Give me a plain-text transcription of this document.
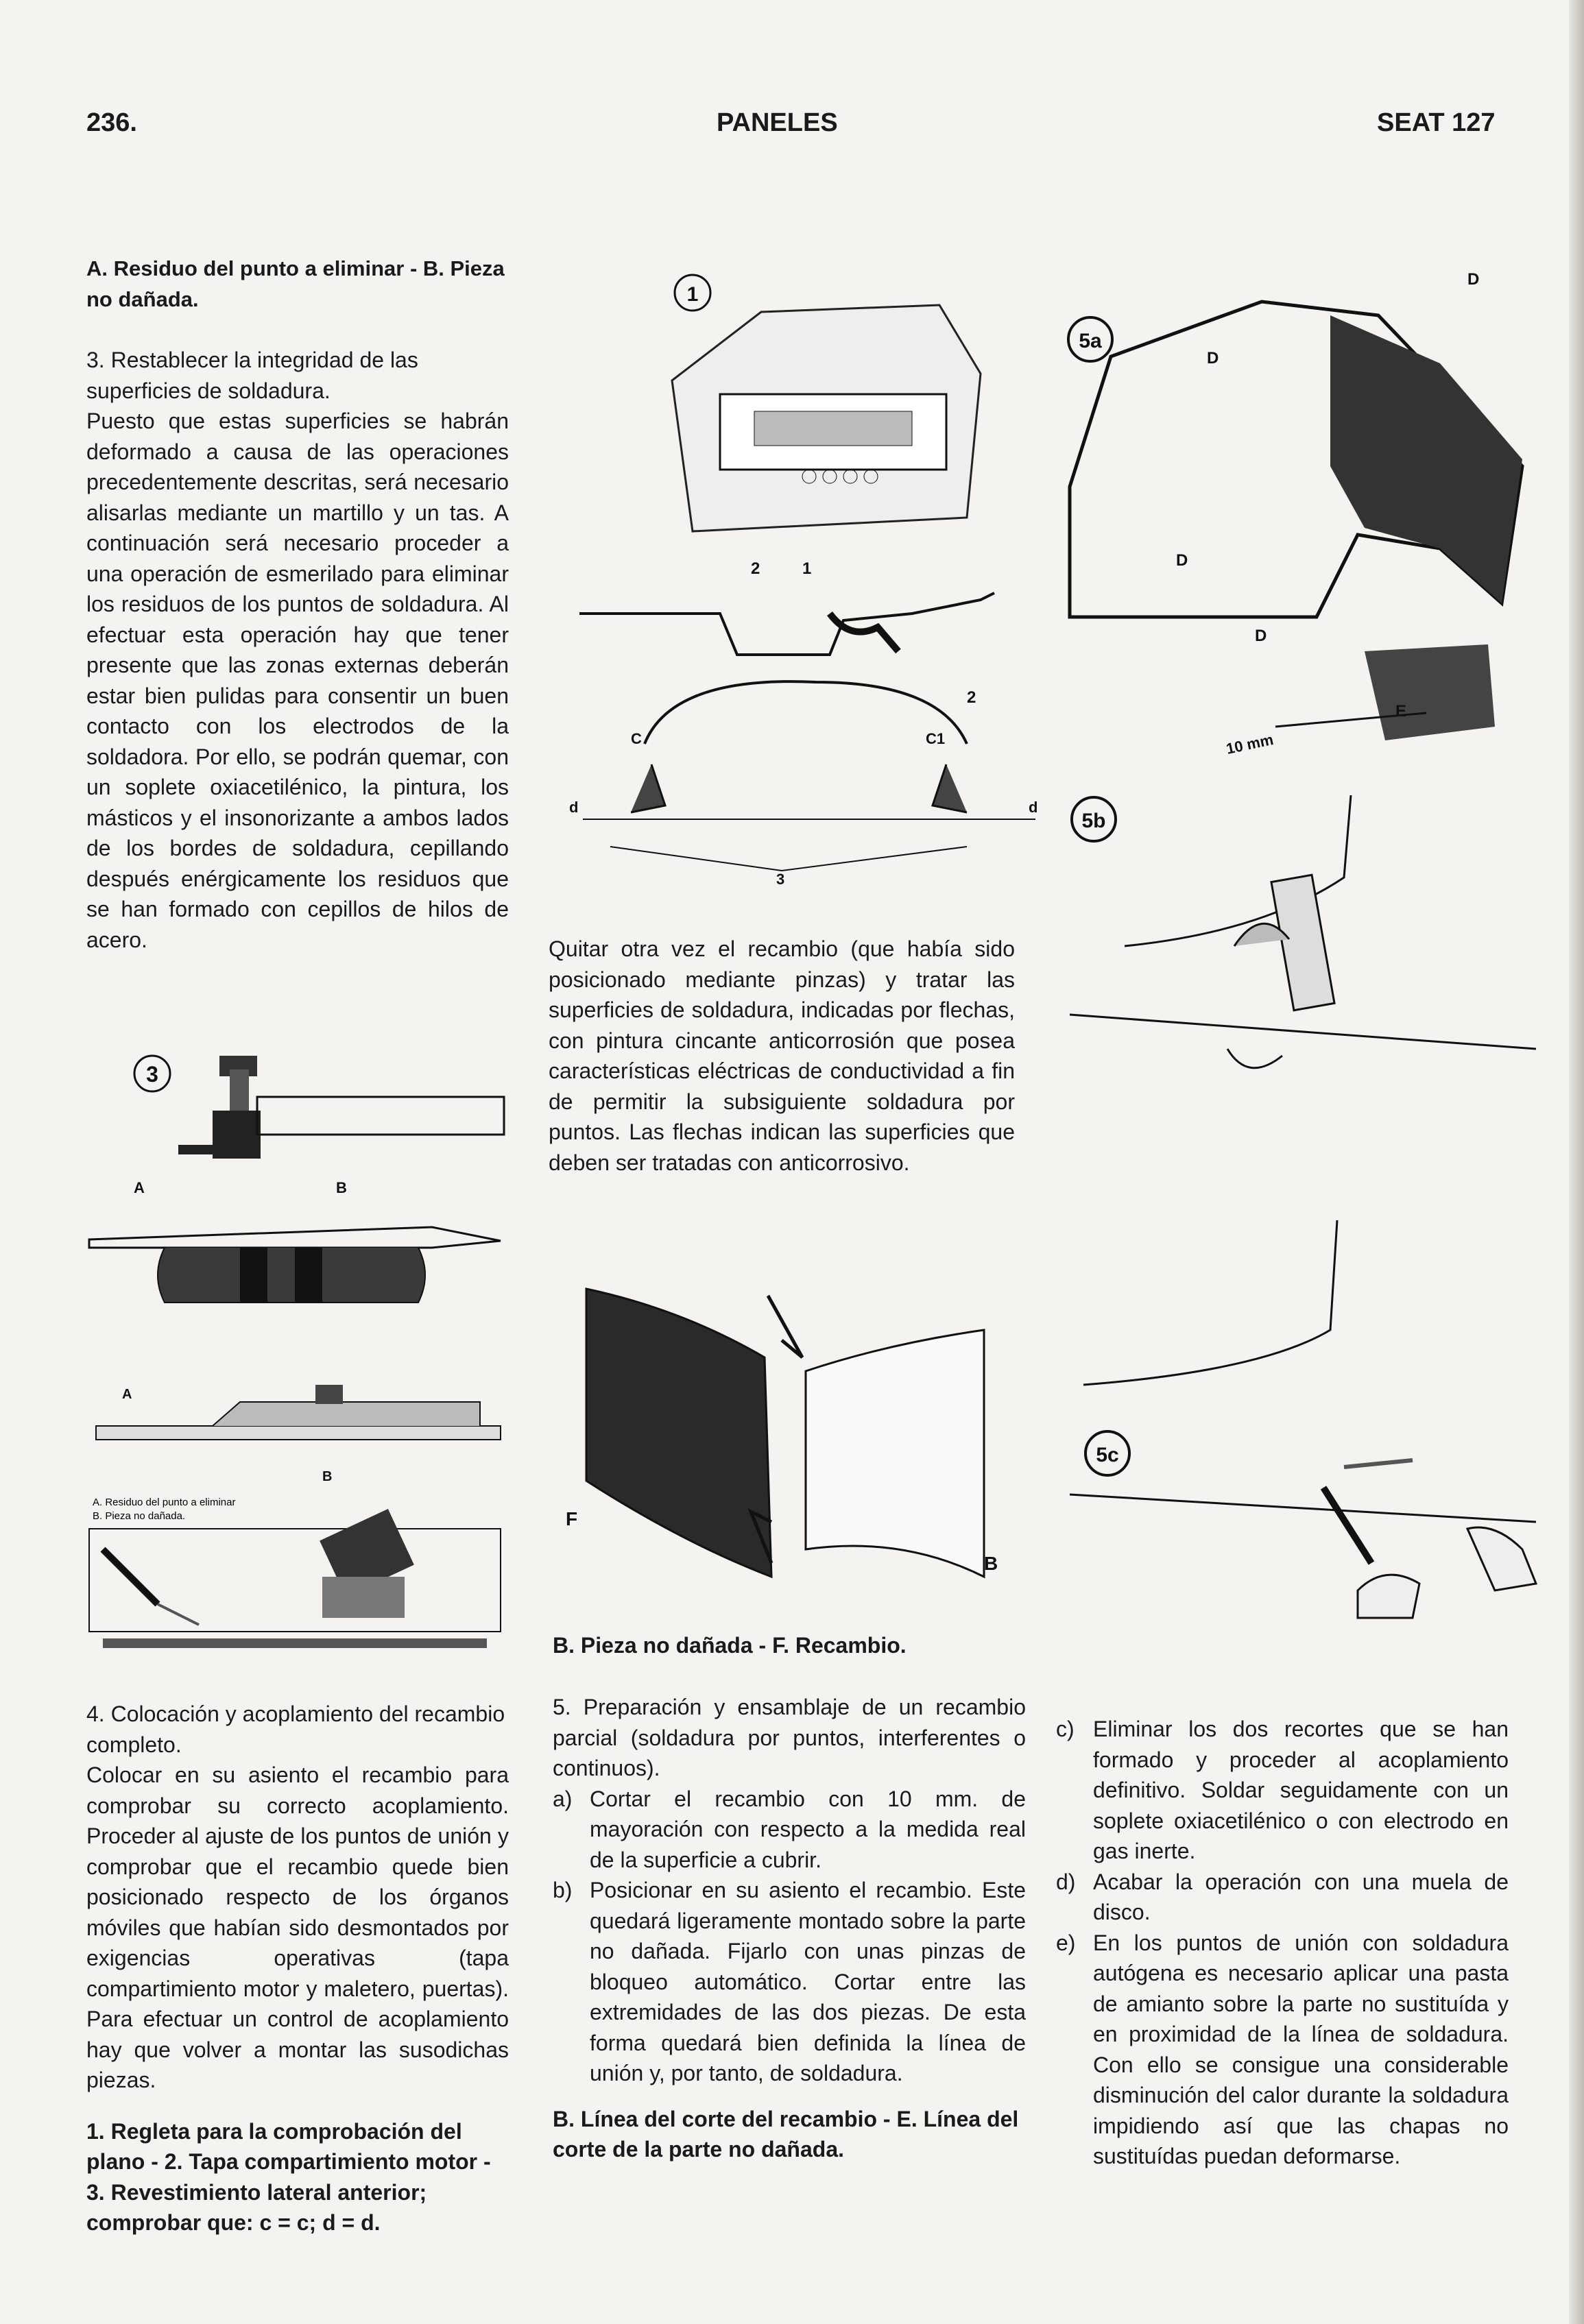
236.	PANELES	SEAT 127

A. Residuo del punto a eliminar - B. Pieza no dañada.

3. Restablecer la integridad de las superficies de soldadura.

Puesto que estas superficies se habrán deformado a causa de las operaciones precedentemente descritas, será necesario alisarlas mediante un martillo y un tas. A continuación será necesario proceder a una operación de esmerilado para eliminar los residuos de los puntos de soldadura. Al efectuar esta operación hay que tener presente que las zonas externas deberán estar bien pulidas para consentir un buen contacto con los electrodos de la soldadora. Por ello, se podrán quemar, con un soplete oxiacetilénico, la pintura, los másticos y el insonorizante a ambos lados de los bordes de soldadura, cepillando después enérgicamente los residuos que se han formado con cepillos de hilos de acero.

3
A	B
A
B
A. Residuo del punto a eliminar
B. Pieza no dañada.

4. Colocación y acoplamiento del recambio completo.

Colocar en su asiento el recambio para comprobar su correcto acoplamiento. Proceder al ajuste de los puntos de unión y comprobar que el recambio quede bien posicionado respecto de los órganos móviles que habían sido desmontados por exigencias operativas (tapa compartimiento motor y maletero, puertas). Para efectuar un control de acoplamiento hay que volver a montar las susodichas piezas.

1. Regleta para la comprobación del plano - 2. Tapa compartimiento motor - 3. Revestimiento lateral anterior; comprobar que: c = c; d = d.

1
2	1
2
C	C1
d	d
3

Quitar otra vez el recambio (que había sido posicionado mediante pinzas) y tratar las superficies de soldadura, indicadas por flechas, con pintura cincante anticorrosión que posea características eléctricas de conductividad a fin de permitir la subsiguiente soldadura por puntos. Las flechas indican las superficies que deben ser tratadas con anticorrosivo.

F
B

B. Pieza no dañada - F. Recambio.

5. Preparación y ensamblaje de un recambio parcial (soldadura por puntos, interferentes o continuos).

a) Cortar el recambio con 10 mm. de mayoración con respecto a la medida real de la superficie a cubrir.
b) Posicionar en su asiento el recambio. Este quedará ligeramente montado sobre la parte no dañada. Fijarlo con unas pinzas de bloqueo automático. Cortar entre las extremidades de las dos piezas. De esta forma quedará bien definida la línea de unión y, por tanto, de soldadura.

B. Línea del corte del recambio - E. Línea del corte de la parte no dañada.

5a
D
D
D
D
E
10 mm
5b
5c
c) Eliminar los dos recortes que se han formado y proceder al acoplamiento definitivo. Soldar seguidamente con un soplete oxiacetilénico o con electrodo en gas inerte.
d) Acabar la operación con una muela de disco.
e) En los puntos de unión con soldadura autógena es necesario aplicar una pasta de amianto sobre la parte no sustituída y en proximidad de la línea de soldadura. Con ello se consigue una considerable disminución del calor durante la soldadura impidiendo así que las chapas no sustituídas puedan deformarse.
